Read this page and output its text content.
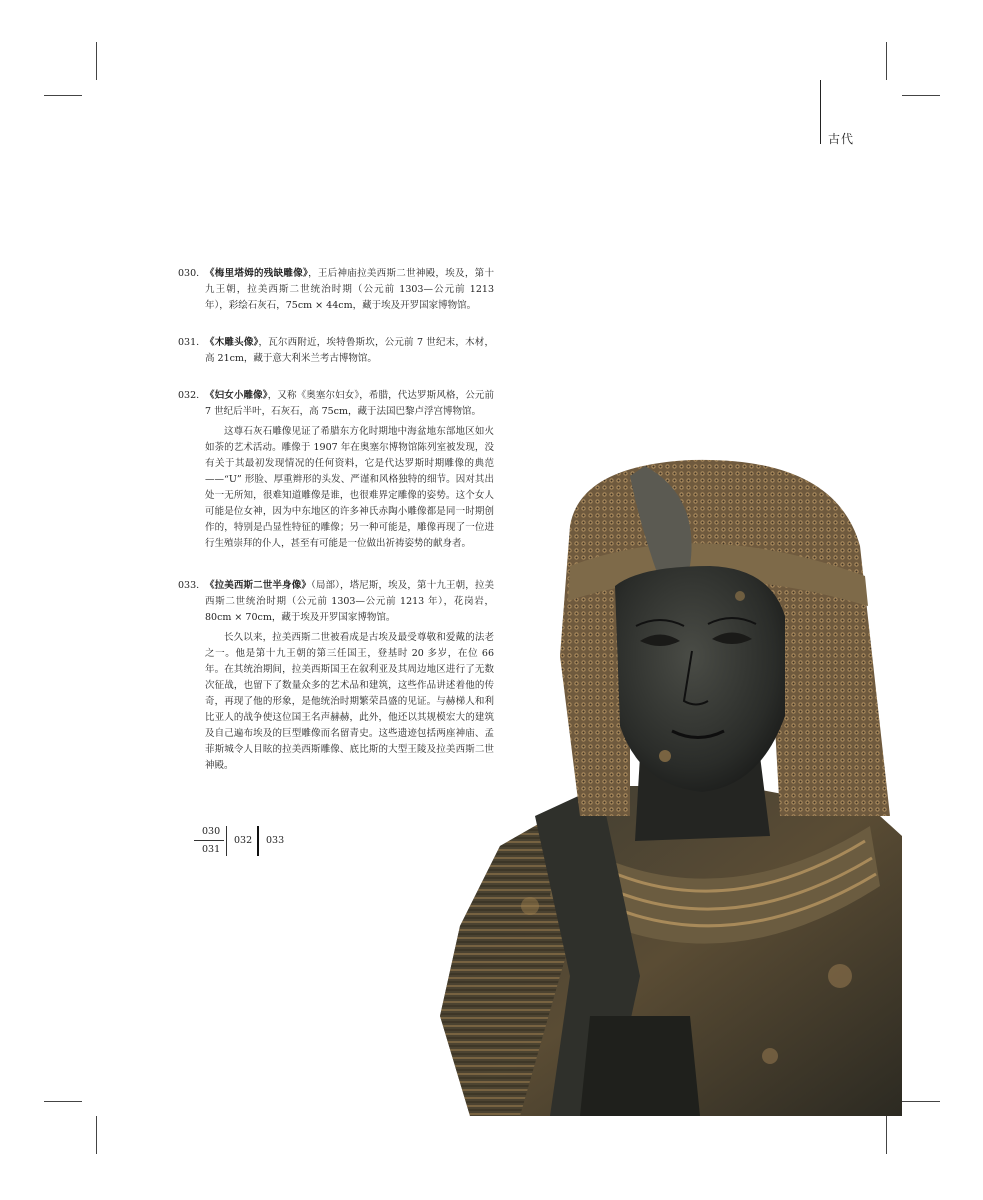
古代
030. 《梅里塔姆的残缺雕像》，王后神庙拉美西斯二世神殿，埃及，第十九王朝，拉美西斯二世统治时期（公元前 1303—公元前 1213 年），彩绘石灰石，75cm × 44cm，藏于埃及开罗国家博物馆。
031. 《木雕头像》，瓦尔西附近，埃特鲁斯坎，公元前 7 世纪末，木材，高 21cm，藏于意大利米兰考古博物馆。
032. 《妇女小雕像》，又称《奥塞尔妇女》，希腊，代达罗斯风格，公元前 7 世纪后半叶，石灰石，高 75cm，藏于法国巴黎卢浮宫博物馆。

这尊石灰石雕像见证了希腊东方化时期地中海盆地东部地区如火如荼的艺术活动。雕像于 1907 年在奥塞尔博物馆陈列室被发现，没有关于其最初发现情况的任何资料，它是代达罗斯时期雕像的典范——“U” 形脸、厚重辫形的头发、严谨和风格独特的细节。因对其出处一无所知，很难知道雕像是谁，也很难界定雕像的姿势。这个女人可能是位女神，因为中东地区的许多神氏赤陶小雕像都是同一时期创作的，特别是凸显性特征的雕像；另一种可能是，雕像再现了一位进行生殖崇拜的仆人，甚至有可能是一位做出祈祷姿势的献身者。

033. 《拉美西斯二世半身像》（局部），塔尼斯，埃及，第十九王朝，拉美西斯二世统治时期（公元前 1303—公元前 1213 年），花岗岩，80cm × 70cm，藏于埃及开罗国家博物馆。

长久以来，拉美西斯二世被看成是古埃及最受尊敬和爱戴的法老之一。他是第十九王朝的第三任国王，登基时 20 多岁，在位 66 年。在其统治期间，拉美西斯国王在叙利亚及其周边地区进行了无数次征战，也留下了数量众多的艺术品和建筑，这些作品讲述着他的传奇，再现了他的形象，是他统治时期繁荣昌盛的见证。与赫梯人和利比亚人的战争使这位国王名声赫赫，此外，他还以其规模宏大的建筑及自己遍布埃及的巨型雕像而名留青史。这些遗迹包括两座神庙、孟菲斯城令人目眩的拉美西斯雕像、底比斯的大型王陵及拉美西斯二世神殿。

030
031
032 033
